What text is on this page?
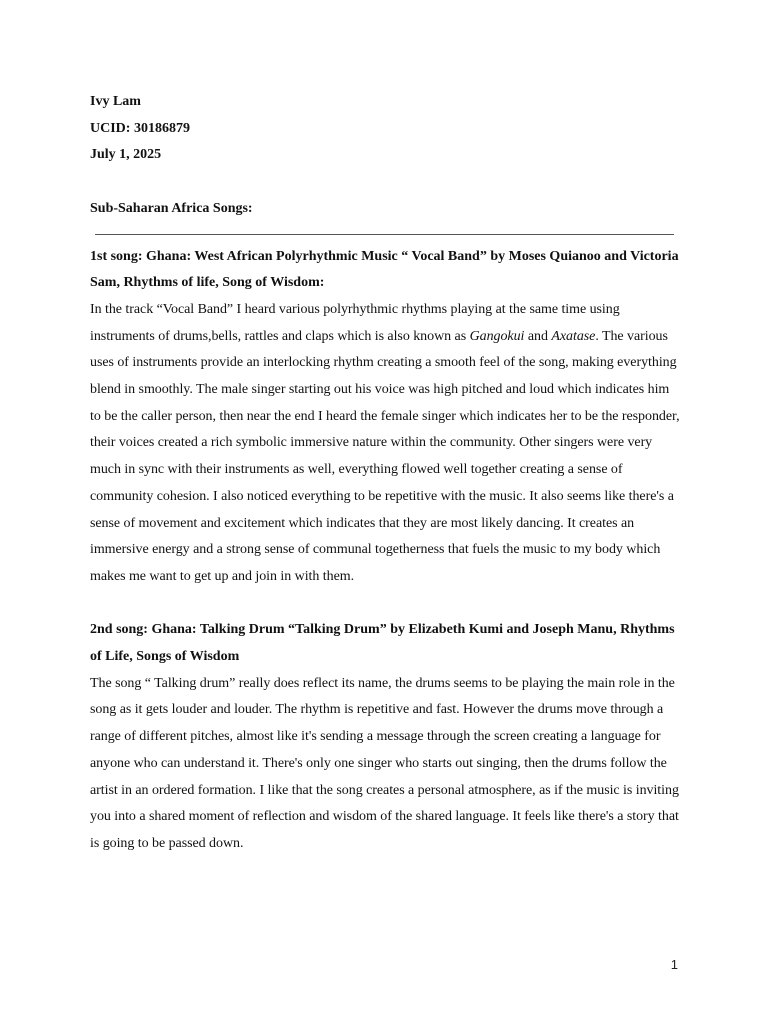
Ivy Lam

UCID: 30186879

July 1, 2025

Sub-Saharan Africa Songs:

1st song: Ghana: West African Polyrhythmic Music “ Vocal Band” by Moses Quianoo and Victoria Sam, Rhythms of life, Song of Wisdom:

In the track “Vocal Band” I heard various polyrhythmic rhythms playing at the same time using instruments of drums,bells, rattles and claps which is also known as Gangokui and Axatase. The various uses of instruments provide an interlocking rhythm creating a smooth feel of the song, making everything blend in smoothly. The male singer starting out his voice was high pitched and loud which indicates him to be the caller person, then near the end I heard the female singer which indicates her to be the responder, their voices created a rich symbolic immersive nature within the community. Other singers were very much in sync with their instruments as well, everything flowed well together creating a sense of community cohesion. I also noticed everything to be repetitive with the music. It also seems like there's a sense of movement and excitement which indicates that they are most likely dancing. It creates an immersive energy and a strong sense of communal togetherness that fuels the music to my body which makes me want to get up and join in with them.

2nd song: Ghana: Talking Drum “Talking Drum” by Elizabeth Kumi and Joseph Manu, Rhythms of Life, Songs of Wisdom

The song “ Talking drum” really does reflect its name, the drums seems to be playing the main role in the song as it gets louder and louder. The rhythm is repetitive and fast. However the drums move through a range of different pitches, almost like it's sending a message through the screen creating a language for anyone who can understand it. There's only one singer who starts out singing, then the drums follow the artist in an ordered formation. I like that the song creates a personal atmosphere, as if the music is inviting you into a shared moment of reflection and wisdom of the shared language. It feels like there's a story that is going to be passed down.

1
